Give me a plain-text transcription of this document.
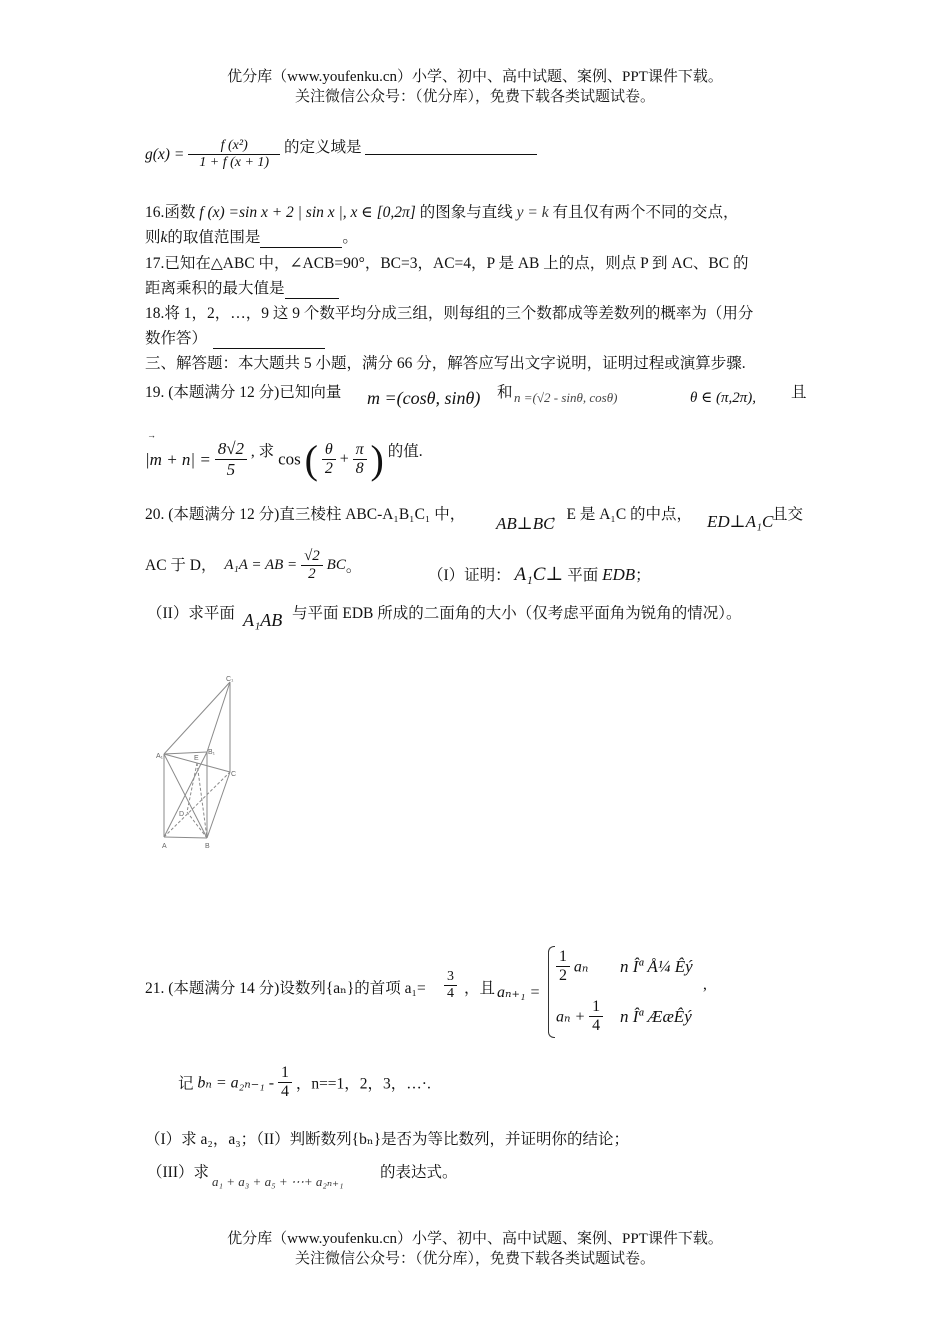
优分库（www.youfenku.cn）小学、初中、高中试题、案例、PPT课件下载。
关注微信公众号：（优分库），免费下载各类试题试卷。
$g(x) = \frac{\text{f (x²)}}{1 + f (x + 1)}$ 的定义域是
16.函数 f (x) =sin x + 2 | sin x |, x ∈ [0,2π] 的图象与直线 y = k 有且仅有两个不同的交点，
则k的取值范围是	。
17.已知在△ABC 中，∠ACB=90°，BC=3，AC=4，P 是 AB 上的点，则点 P 到 AC、BC 的
距离乘积的最大值是
18.将 1，2，…，9 这 9 个数平均分成三组，则每组的三个数都成等差数列的概率为（用分
数作答）
三、解答题：本大题共 5 小题，满分 66 分，解答应写出文字说明，证明过程或演算步骤.
19. (本题满分 12 分)已知向量 m =(cosθ, sinθ) 和 n =(√2 - sinθ, cosθ)	θ ∈ (π,2π), 且
→
$|m + n| = \frac{8√2}{5}$ , 求 cos ( $\frac{\theta}{2} + \frac{\pi}{8}$ ) 的值.
20. (本题满分 12 分)直三棱柱 ABC-A₁B₁C₁ 中， AB⊥BC
，E 是 A₁C 的中点， ED⊥A₁C
且交
AC 于 D， A₁A = AB = $\frac{√2}{2}$ BC。	（I）证明： A₁C⊥ 平面 EDB；
（II）求平面 A₁AB 与平面 EDB 所成的二面角的大小（仅考虑平面角为锐角的情况）。
C₁
B₁
A₁	E
C
D
A	B
21. (本题满分 14 分)设数列{aₙ}的首项 $a_1= \frac{3}{4}$ ，且 aₙ₊₁ =
$\frac{1}{2}$ aₙ n Îª Å¼ Êý
$a_n + \frac{1}{4}$ n Îª ÆæÊý
,
记 $b_n = a_{2n-1} - \frac{1}{4}$ ，n==1，2，3，…·.
（I）求 a₂，a₃；（II）判断数列{bₙ}是否为等比数列，并证明你的结论；
（III）求
a₁ + a₃ + a₅ + ⋯+ a₂ₙ₊₁
的表达式。
优分库（www.youfenku.cn）小学、初中、高中试题、案例、PPT课件下载。
关注微信公众号：（优分库），免费下载各类试题试卷。
